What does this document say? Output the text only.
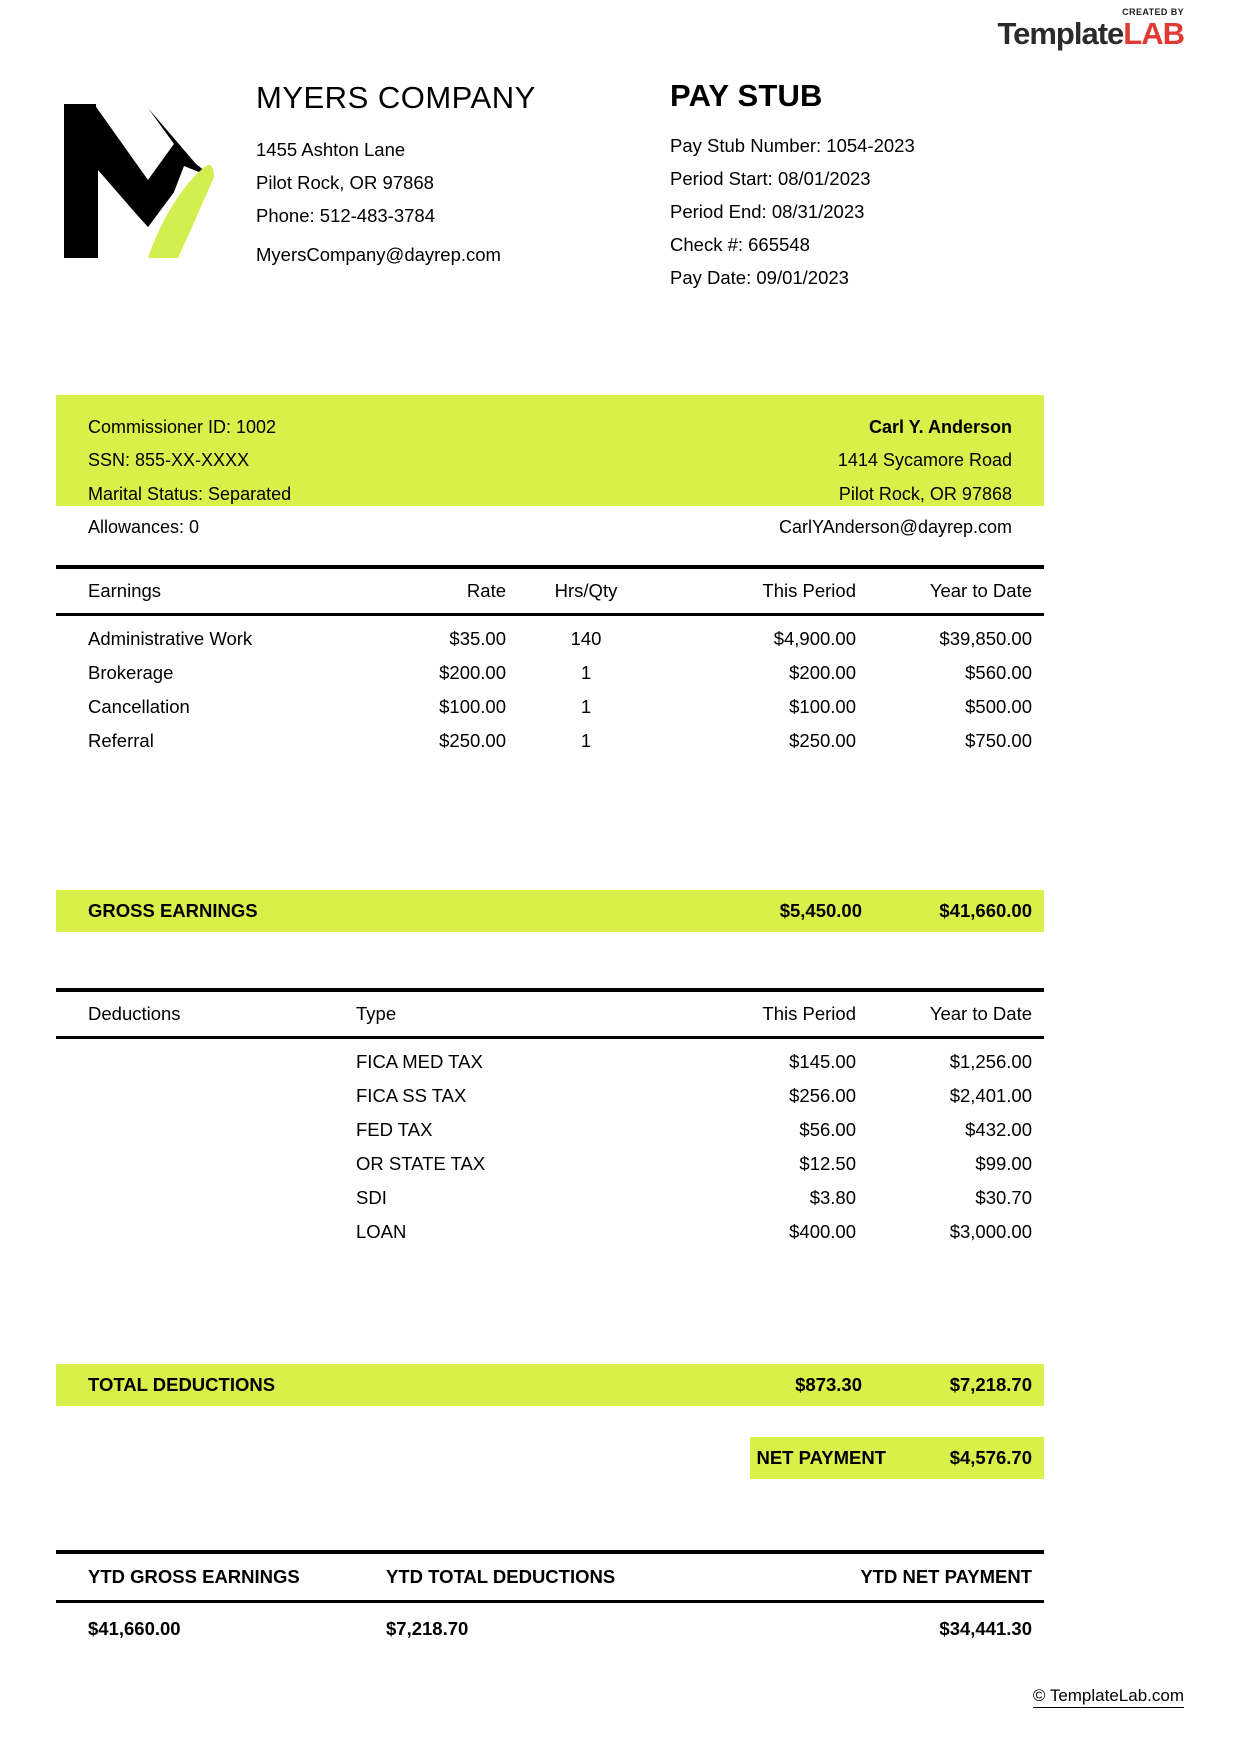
CREATED BY
TemplateLAB
MYERS COMPANY
1455 Ashton Lane
Pilot Rock, OR 97868
Phone: 512-483-3784
MyersCompany@dayrep.com
PAY STUB
Pay Stub Number: 1054-2023
Period Start: 08/01/2023
Period End: 08/31/2023
Check #: 665548
Pay Date: 09/01/2023
Commissioner ID: 1002
SSN: 855-XX-XXXX
Marital Status: Separated
Allowances: 0
Carl Y. Anderson
1414 Sycamore Road
Pilot Rock, OR 97868
CarlYAnderson@dayrep.com
Earnings	Rate	Hrs/Qty	This Period	Year to Date
Administrative Work	$35.00	140	$4,900.00	$39,850.00
Brokerage	$200.00	1	$200.00	$560.00
Cancellation	$100.00	1	$100.00	$500.00
Referral	$250.00	1	$250.00	$750.00
GROSS EARNINGS	$5,450.00	$41,660.00
Deductions	Type	This Period	Year to Date
FICA MED TAX	$145.00	$1,256.00
FICA SS TAX	$256.00	$2,401.00
FED TAX	$56.00	$432.00
OR STATE TAX	$12.50	$99.00
SDI	$3.80	$30.70
LOAN	$400.00	$3,000.00
TOTAL DEDUCTIONS	$873.30	$7,218.70
NET PAYMENT	$4,576.70
YTD GROSS EARNINGS	YTD TOTAL DEDUCTIONS	YTD NET PAYMENT
$41,660.00	$7,218.70	$34,441.30
© TemplateLab.com
